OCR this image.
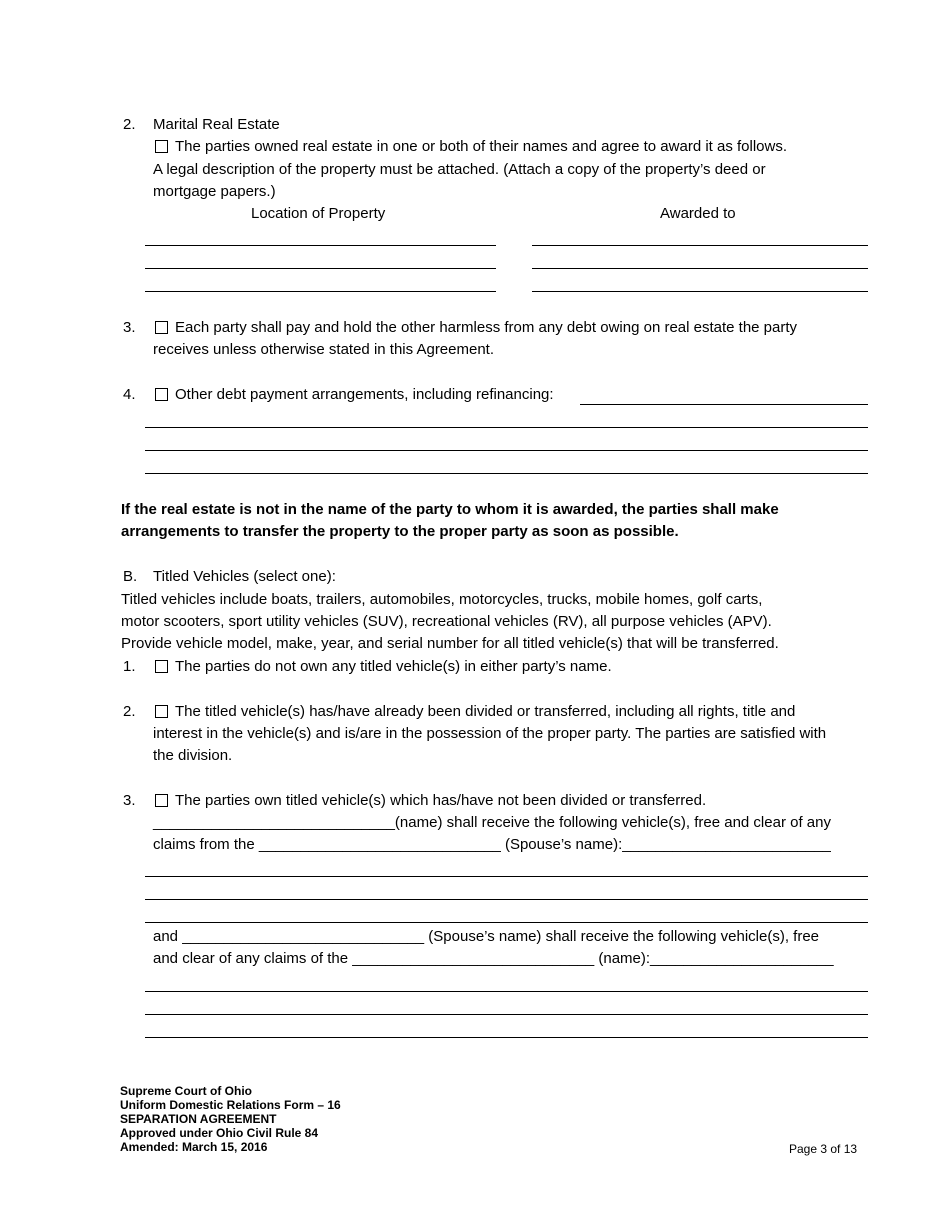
2. Marital Real Estate
The parties owned real estate in one or both of their names and agree to award it as follows.
A legal description of the property must be attached. (Attach a copy of the property’s deed or
mortgage papers.)
Location of Property	Awarded to
3.	Each party shall pay and hold the other harmless from any debt owing on real estate the party
receives unless otherwise stated in this Agreement.
4.	Other debt payment arrangements, including refinancing:
If the real estate is not in the name of the party to whom it is awarded, the parties shall make
arrangements to transfer the property to the proper party as soon as possible.
B. Titled Vehicles (select one):
Titled vehicles include boats, trailers, automobiles, motorcycles, trucks, mobile homes, golf carts,
motor scooters, sport utility vehicles (SUV), recreational vehicles (RV), all purpose vehicles (APV).
Provide vehicle model, make, year, and serial number for all titled vehicle(s) that will be transferred.
1.	The parties do not own any titled vehicle(s) in either party’s name.
2.	The titled vehicle(s) has/have already been divided or transferred, including all rights, title and
interest in the vehicle(s) and is/are in the possession of the proper party. The parties are satisfied with
the division.
3.	The parties own titled vehicle(s) which has/have not been divided or transferred.
_____________________________(name) shall receive the following vehicle(s), free and clear of any
claims from the _____________________________ (Spouse’s name):_________________________
and _____________________________ (Spouse’s name) shall receive the following vehicle(s), free
and clear of any claims of the _____________________________ (name):______________________
Supreme Court of Ohio
Uniform Domestic Relations Form – 16
SEPARATION AGREEMENT
Approved under Ohio Civil Rule 84
Amended: March 15, 2016	Page 3 of 13
